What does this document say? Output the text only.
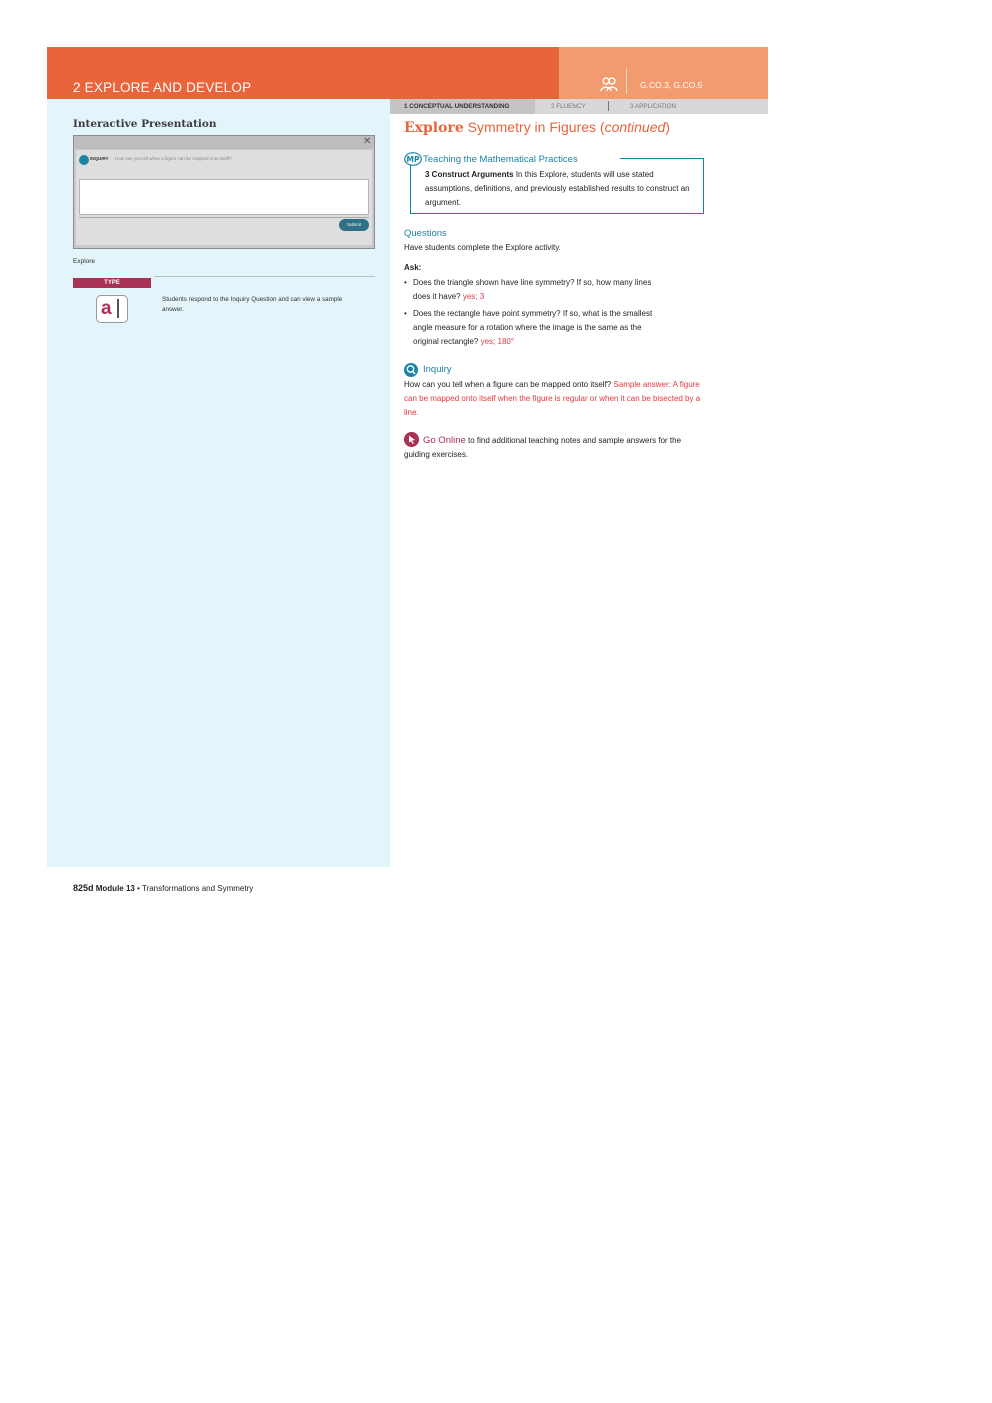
2 EXPLORE AND DEVELOP	G.CO.3, G.CO.5
Interactive Presentation
✕
INQUIRY How can you tell when a figure can be mapped onto itself?
Submit
Explore
TYPE
a	Students respond to the Inquiry Question and can view a sample answer.
1 CONCEPTUAL UNDERSTANDING	2 FLUENCY	3 APPLICATION
Explore Symmetry in Figures (continued)
MP Teaching the Mathematical Practices
3 Construct Arguments In this Explore, students will use stated assumptions, definitions, and previously established results to construct an argument.
Questions
Have students complete the Explore activity.
Ask:
• Does the triangle shown have line symmetry? If so, how many lines
does it have? yes; 3
• Does the rectangle have point symmetry? If so, what is the smallest
angle measure for a rotation where the image is the same as the
original rectangle? yes; 180°
Inquiry
How can you tell when a figure can be mapped onto itself? Sample answer: A figure can be mapped onto itself when the figure is regular or when it can be bisected by a line.
Go Online to find additional teaching notes and sample answers for the guiding exercises.
825d Module 13 • Transformations and Symmetry
